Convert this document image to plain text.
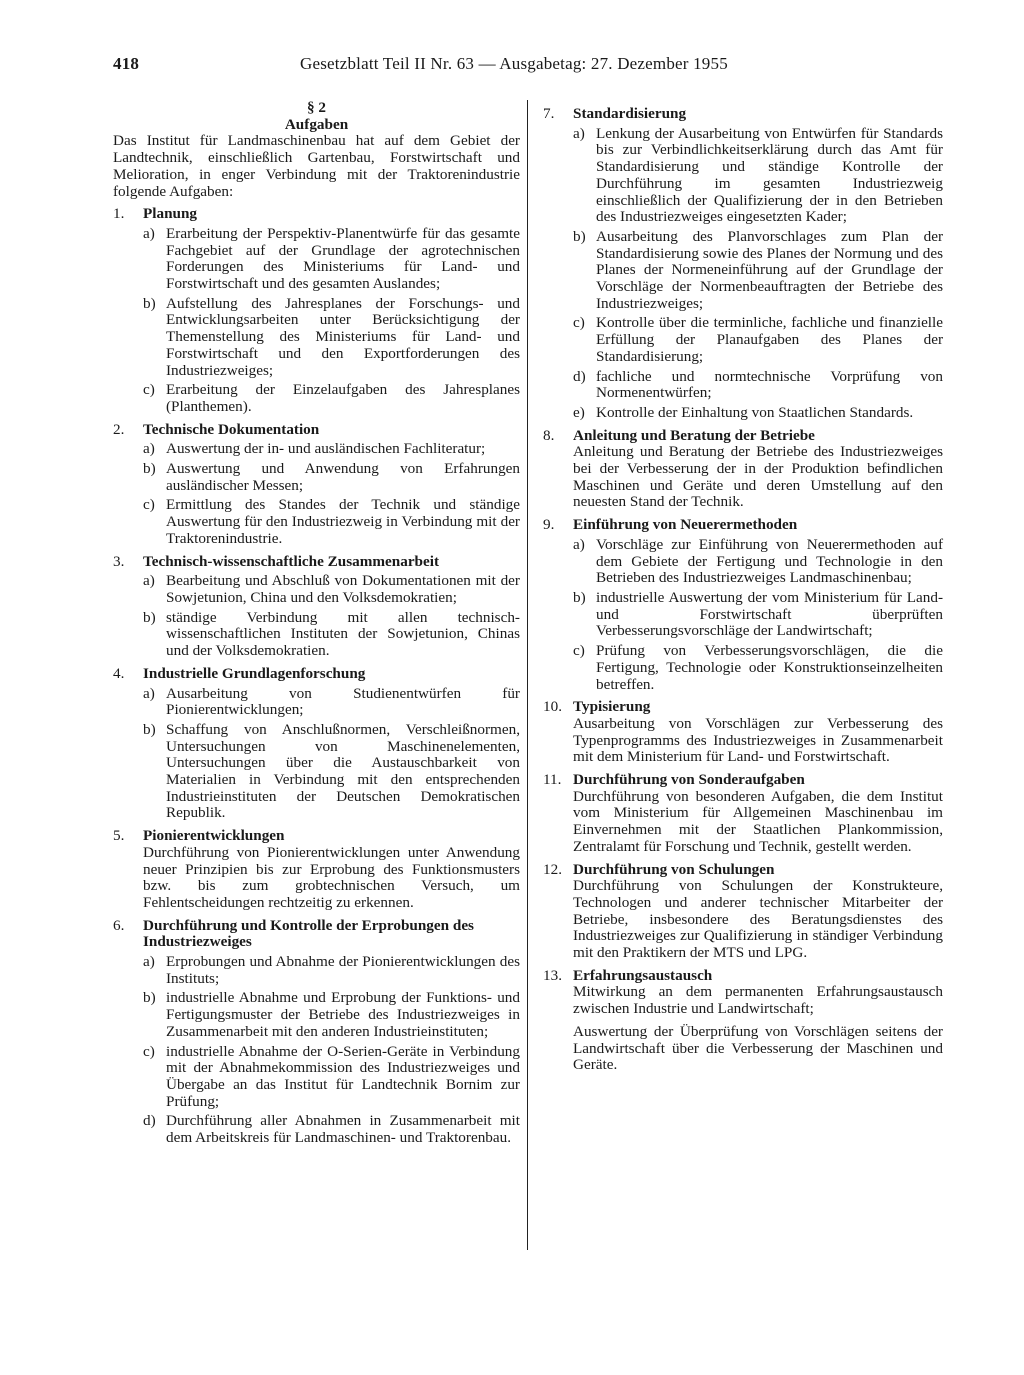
418	Gesetzblatt Teil II Nr. 63 — Ausgabetag: 27. Dezember 1955

§ 2

Aufgaben

Das Institut für Landmaschinenbau hat auf dem Gebiet der Landtechnik, einschließlich Gartenbau, Forstwirtschaft und Melioration, in enger Verbindung mit der Traktorenindustrie folgende Aufgaben:

1.	Planung
a) Erarbeitung der Perspektiv-Planentwürfe für das gesamte Fachgebiet auf der Grundlage der agrotechnischen Forderungen des Ministeriums für Land- und Forstwirtschaft und des gesamten Auslandes;
b) Aufstellung des Jahresplanes der Forschungs- und Entwicklungsarbeiten unter Berücksichtigung der Themenstellung des Ministeriums für Land- und Forstwirtschaft und den Exportforderungen des Industriezweiges;
c) Erarbeitung der Einzelaufgaben des Jahresplanes (Planthemen).
2.	Technische Dokumentation
a) Auswertung der in- und ausländischen Fachliteratur;
b) Auswertung und Anwendung von Erfahrungen ausländischer Messen;
c) Ermittlung des Standes der Technik und ständige Auswertung für den Industriezweig in Verbindung mit der Traktorenindustrie.
3.	Technisch-wissenschaftliche Zusammenarbeit
a) Bearbeitung und Abschluß von Dokumentationen mit der Sowjetunion, China und den Volksdemokratien;
b) ständige Verbindung mit allen technisch-wissenschaftlichen Instituten der Sowjetunion, Chinas und der Volksdemokratien.
4.	Industrielle Grundlagenforschung
a) Ausarbeitung von Studienentwürfen für Pionierentwicklungen;
b) Schaffung von Anschlußnormen, Verschleißnormen, Untersuchungen von Maschinenelementen, Untersuchungen über die Austauschbarkeit von Materialien in Verbindung mit den entsprechenden Industrieinstituten der Deutschen Demokratischen Republik.
5.	Pionierentwicklungen

Durchführung von Pionierentwicklungen unter Anwendung neuer Prinzipien bis zur Erprobung des Funktionsmusters bzw. bis zum grobtechnischen Versuch, um Fehlentscheidungen rechtzeitig zu erkennen.

6.	Durchführung und Kontrolle der Erprobungen des Industriezweiges
a) Erprobungen und Abnahme der Pionierentwicklungen des Instituts;
b) industrielle Abnahme und Erprobung der Funktions- und Fertigungsmuster der Betriebe des Industriezweiges in Zusammenarbeit mit den anderen Industrieinstituten;
c) industrielle Abnahme der O-Serien-Geräte in Verbindung mit der Abnahmekommission des Industriezweiges und Übergabe an das Institut für Landtechnik Bornim zur Prüfung;
d) Durchführung aller Abnahmen in Zusammenarbeit mit dem Arbeitskreis für Landmaschinen- und Traktorenbau.
7.	Standardisierung
a) Lenkung der Ausarbeitung von Entwürfen für Standards bis zur Verbindlichkeitserklärung durch das Amt für Standardisierung und ständige Kontrolle der Durchführung im gesamten Industriezweig einschließlich der Qualifizierung der in den Betrieben des Industriezweiges eingesetzten Kader;
b) Ausarbeitung des Planvorschlages zum Plan der Standardisierung sowie des Planes der Normung und des Planes der Normeneinführung auf der Grundlage der Vorschläge der Normenbeauftragten der Betriebe des Industriezweiges;
c) Kontrolle über die terminliche, fachliche und finanzielle Erfüllung der Planaufgaben des Planes der Standardisierung;
d) fachliche und normtechnische Vorprüfung von Normenentwürfen;
e) Kontrolle der Einhaltung von Staatlichen Standards.
8.	Anleitung und Beratung der Betriebe

Anleitung und Beratung der Betriebe des Industriezweiges bei der Verbesserung der in der Produktion befindlichen Maschinen und Geräte und deren Umstellung auf den neuesten Stand der Technik.

9.	Einführung von Neuerermethoden
a) Vorschläge zur Einführung von Neuerermethoden auf dem Gebiete der Fertigung und Technologie in den Betrieben des Industriezweiges Landmaschinenbau;
b) industrielle Auswertung der vom Ministerium für Land- und Forstwirtschaft überprüften Verbesserungsvorschläge der Landwirtschaft;
c) Prüfung von Verbesserungsvorschlägen, die die Fertigung, Technologie oder Konstruktionseinzelheiten betreffen.
10. Typisierung

Ausarbeitung von Vorschlägen zur Verbesserung des Typenprogramms des Industriezweiges in Zusammenarbeit mit dem Ministerium für Land- und Forstwirtschaft.

11. Durchführung von Sonderaufgaben

Durchführung von besonderen Aufgaben, die dem Institut vom Ministerium für Allgemeinen Maschinenbau im Einvernehmen mit der Staatlichen Plankommission, Zentralamt für Forschung und Technik, gestellt werden.

12. Durchführung von Schulungen

Durchführung von Schulungen der Konstrukteure, Technologen und anderer technischer Mitarbeiter der Betriebe, insbesondere des Beratungsdienstes des Industriezweiges zur Qualifizierung in ständiger Verbindung mit den Praktikern der MTS und LPG.

13. Erfahrungsaustausch

Mitwirkung an dem permanenten Erfahrungsaustausch zwischen Industrie und Landwirtschaft;

Auswertung der Überprüfung von Vorschlägen seitens der Landwirtschaft über die Verbesserung der Maschinen und Geräte.
